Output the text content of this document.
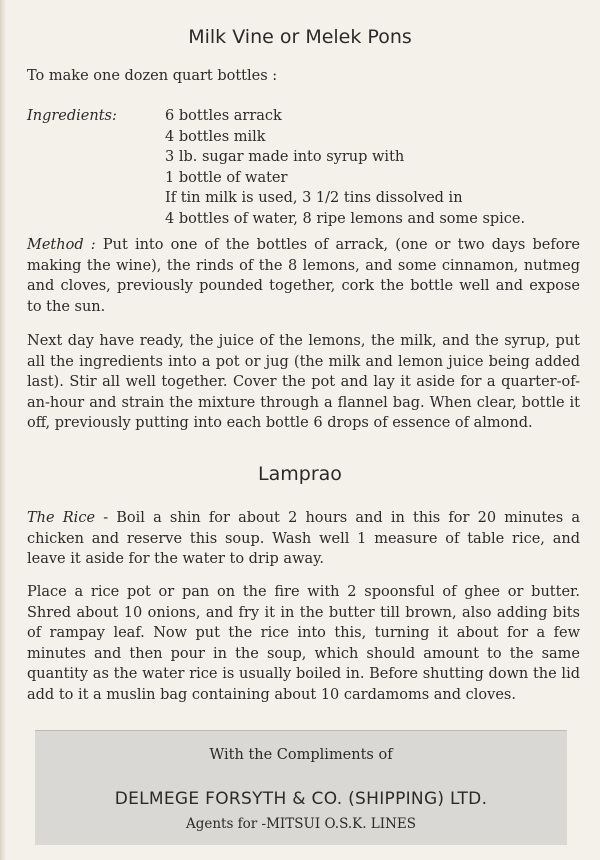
Milk Vine or Melek Pons
To make one dozen quart bottles :
Ingredients:	6 bottles arrack
4 bottles milk
3 lb. sugar made into syrup with
1 bottle of water
If tin milk is used, 3 1/2 tins dissolved in
4 bottles of water, 8 ripe lemons and some spice.
Method : Put into one of the bottles of arrack, (one or two days before making the wine), the rinds of the 8 lemons, and some cinnamon, nutmeg and cloves, previously pounded together, cork the bottle well and expose to the sun.
Next day have ready, the juice of the lemons, the milk, and the syrup, put all the ingredients into a pot or jug (the milk and lemon juice being added last). Stir all well together. Cover the pot and lay it aside for a quarter-of-an-hour and strain the mixture through a flannel bag. When clear, bottle it off, previously putting into each bottle 6 drops of essence of almond.
Lamprao
The Rice - Boil a shin for about 2 hours and in this for 20 minutes a chicken and reserve this soup. Wash well 1 measure of table rice, and leave it aside for the water to drip away.
Place a rice pot or pan on the fire with 2 spoonsful of ghee or butter. Shred about 10 onions, and fry it in the butter till brown, also adding bits of rampay leaf. Now put the rice into this, turning it about for a few minutes and then pour in the soup, which should amount to the same quantity as the water rice is usually boiled in. Before shutting down the lid add to it a muslin bag containing about 10 cardamoms and cloves.
With the Compliments of
DELMEGE FORSYTH & CO. (SHIPPING) LTD.
Agents for -MITSUI O.S.K. LINES
